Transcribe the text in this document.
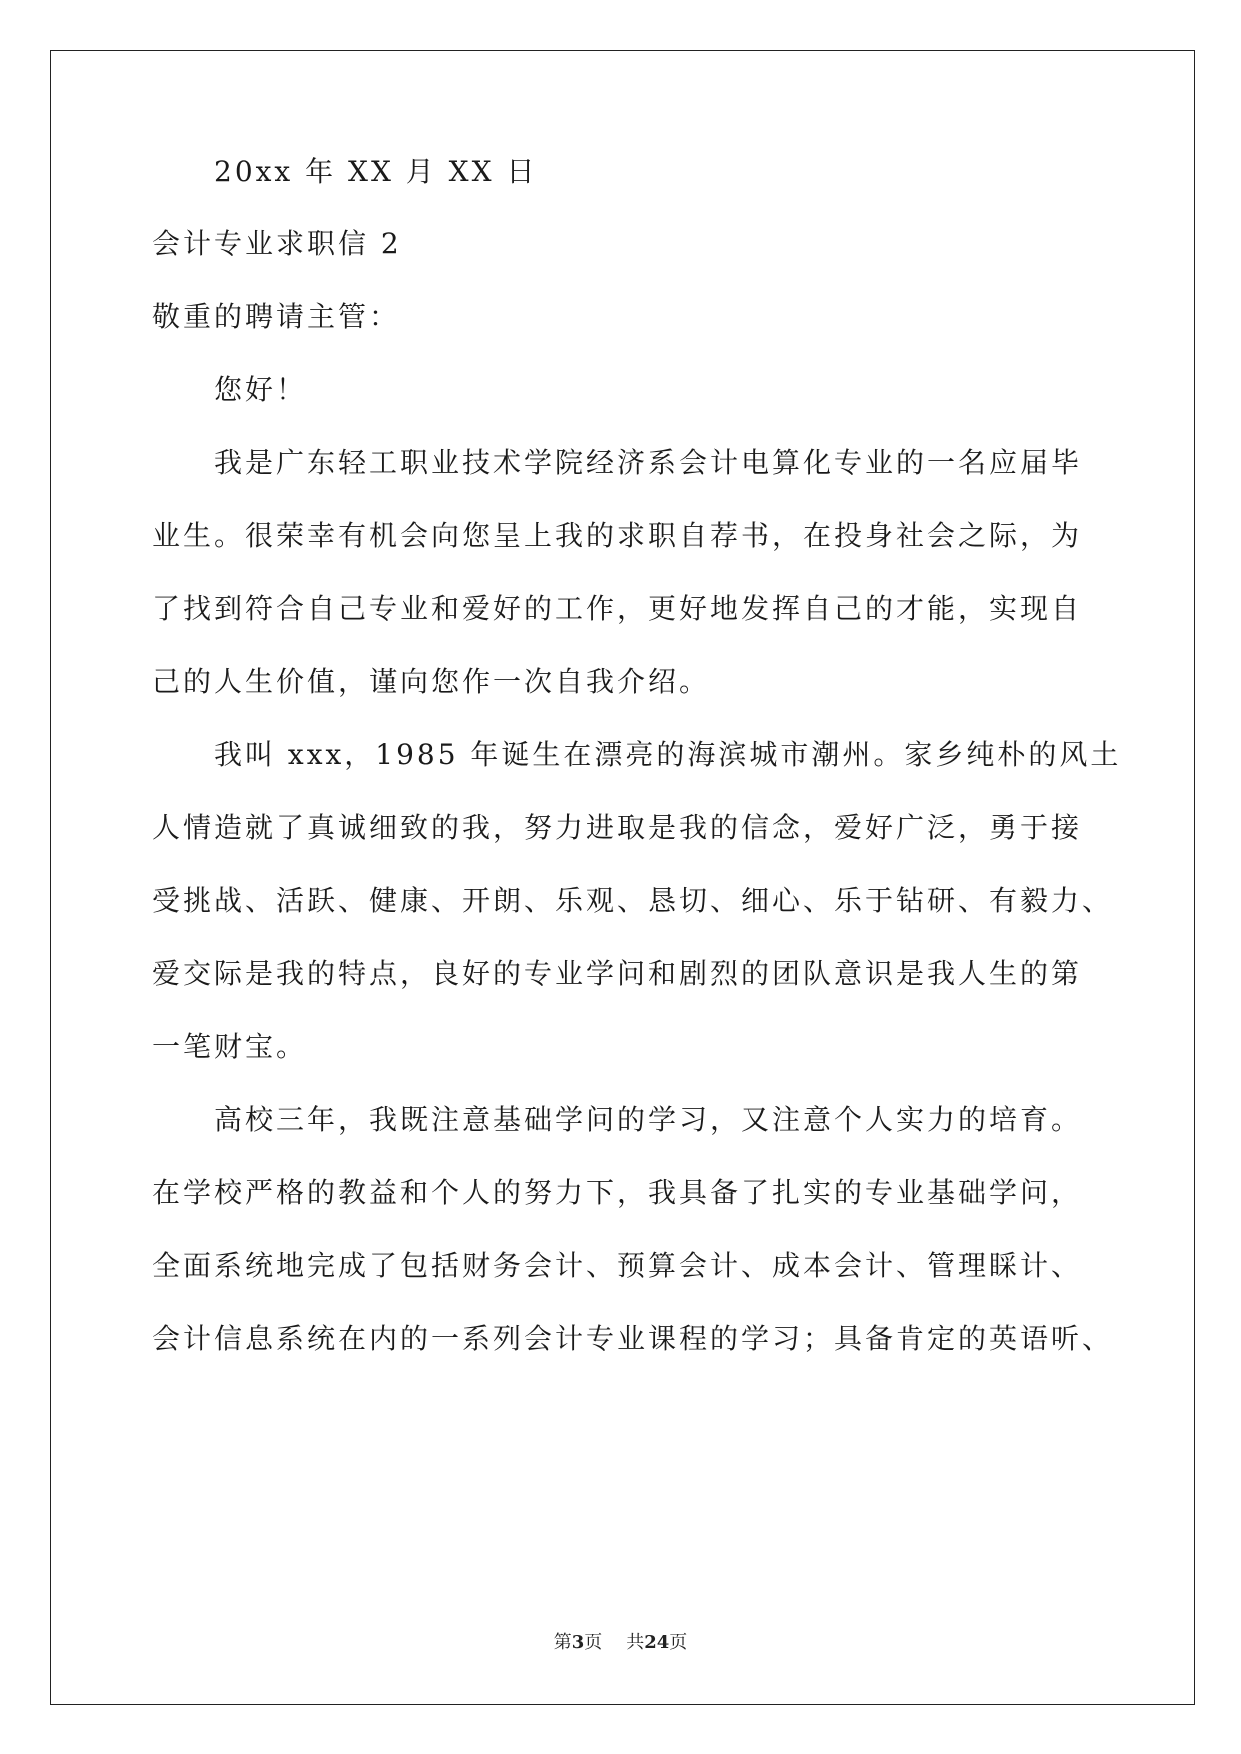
20xx 年 XX 月 XX 日
会计专业求职信 2
敬重的聘请主管：
您好！
我是广东轻工职业技术学院经济系会计电算化专业的一名应届毕
业生。很荣幸有机会向您呈上我的求职自荐书，在投身社会之际，为
了找到符合自己专业和爱好的工作，更好地发挥自己的才能，实现自
己的人生价值，谨向您作一次自我介绍。
我叫 xxx，1985 年诞生在漂亮的海滨城市潮州。家乡纯朴的风土
人情造就了真诚细致的我，努力进取是我的信念，爱好广泛，勇于接
受挑战、活跃、健康、开朗、乐观、恳切、细心、乐于钻研、有毅力、
爱交际是我的特点，良好的专业学问和剧烈的团队意识是我人生的第
一笔财宝。
高校三年，我既注意基础学问的学习，又注意个人实力的培育。
在学校严格的教益和个人的努力下，我具备了扎实的专业基础学问，
全面系统地完成了包括财务会计、预算会计、成本会计、管理睬计、
会计信息系统在内的一系列会计专业课程的学习；具备肯定的英语听、
第3页 共24页
